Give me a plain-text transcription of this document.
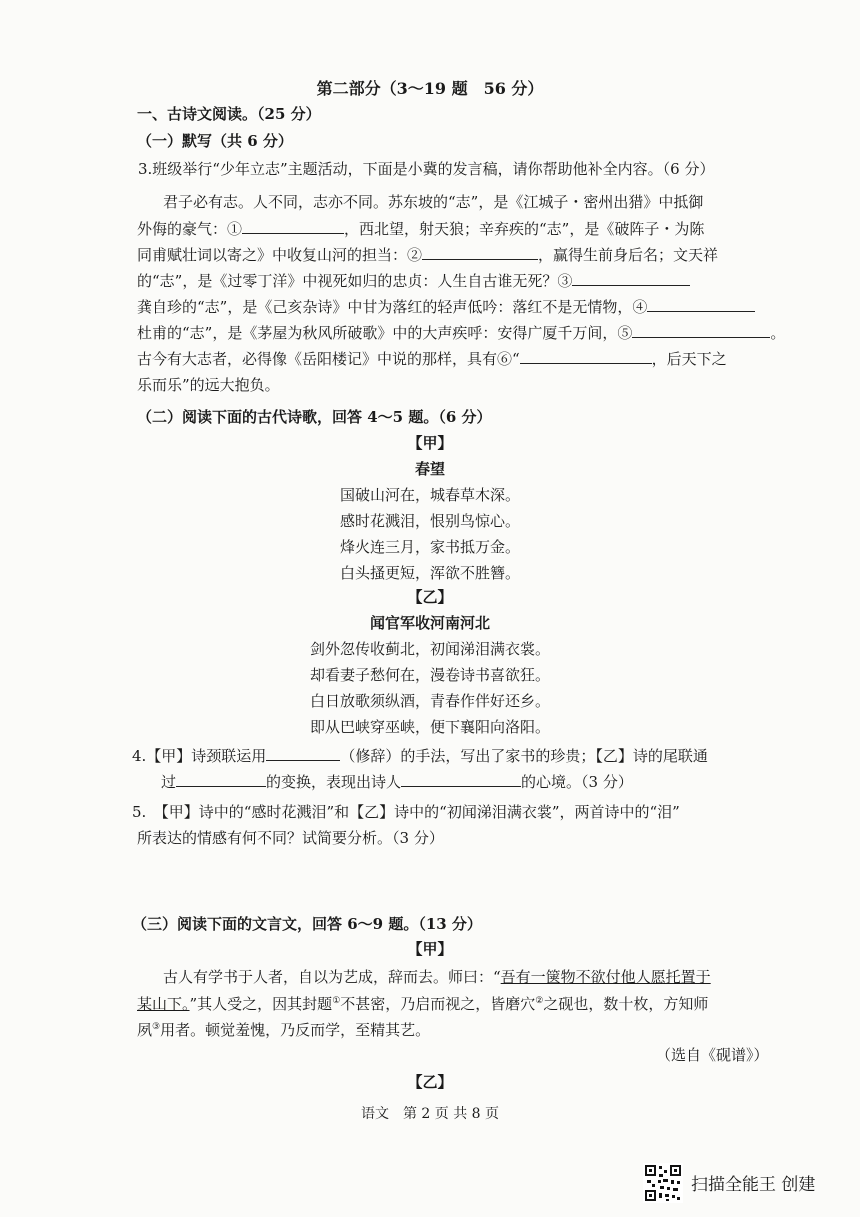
第二部分（3～19 题　56 分）
一、古诗文阅读。（25 分）
（一）默写（共 6 分）
3.班级举行“少年立志”主题活动，下面是小冀的发言稿，请你帮助他补全内容。（6 分）
君子必有志。人不同，志亦不同。苏东坡的“志”，是《江城子・密州出猎》中抵御
外侮的豪气：①	，西北望，射天狼；辛弃疾的“志”，是《破阵子・为陈
同甫赋壮词以寄之》中收复山河的担当：②	，赢得生前身后名；文天祥
的“志”，是《过零丁洋》中视死如归的忠贞：人生自古谁无死？③
龚自珍的“志”，是《己亥杂诗》中甘为落红的轻声低吟：落红不是无情物，④
杜甫的“志”，是《茅屋为秋风所破歌》中的大声疾呼：安得广厦千万间，⑤	。
古今有大志者，必得像《岳阳楼记》中说的那样，具有⑥“	，后天下之
乐而乐”的远大抱负。
（二）阅读下面的古代诗歌，回答 4～5 题。（6 分）
【甲】
春望
国破山河在，城春草木深。
感时花溅泪，恨别鸟惊心。
烽火连三月，家书抵万金。
白头搔更短，浑欲不胜簪。
【乙】
闻官军收河南河北
剑外忽传收蓟北，初闻涕泪满衣裳。
却看妻子愁何在，漫卷诗书喜欲狂。
白日放歌须纵酒，青春作伴好还乡。
即从巴峡穿巫峡，便下襄阳向洛阳。
4.【甲】诗颈联运用	（修辞）的手法，写出了家书的珍贵；【乙】诗的尾联通
过	的变换，表现出诗人	的心境。（3 分）
5.　【甲】诗中的“感时花溅泪”和【乙】诗中的“初闻涕泪满衣裳”，两首诗中的“泪”
所表达的情感有何不同？试简要分析。（3 分）
（三）阅读下面的文言文，回答 6～9 题。（13 分）
【甲】
古人有学书于人者，自以为艺成，辞而去。师曰：“吾有一箧物不欲付他人愿托置于
某山下。”其人受之，因其封题①不甚密，乃启而视之，皆磨穴②之砚也，数十枚，方知师
夙③用者。顿觉羞愧，乃反而学，至精其艺。
（选自《砚谱》）
【乙】
语文　第 2 页 共 8 页
扫描全能王 创建
